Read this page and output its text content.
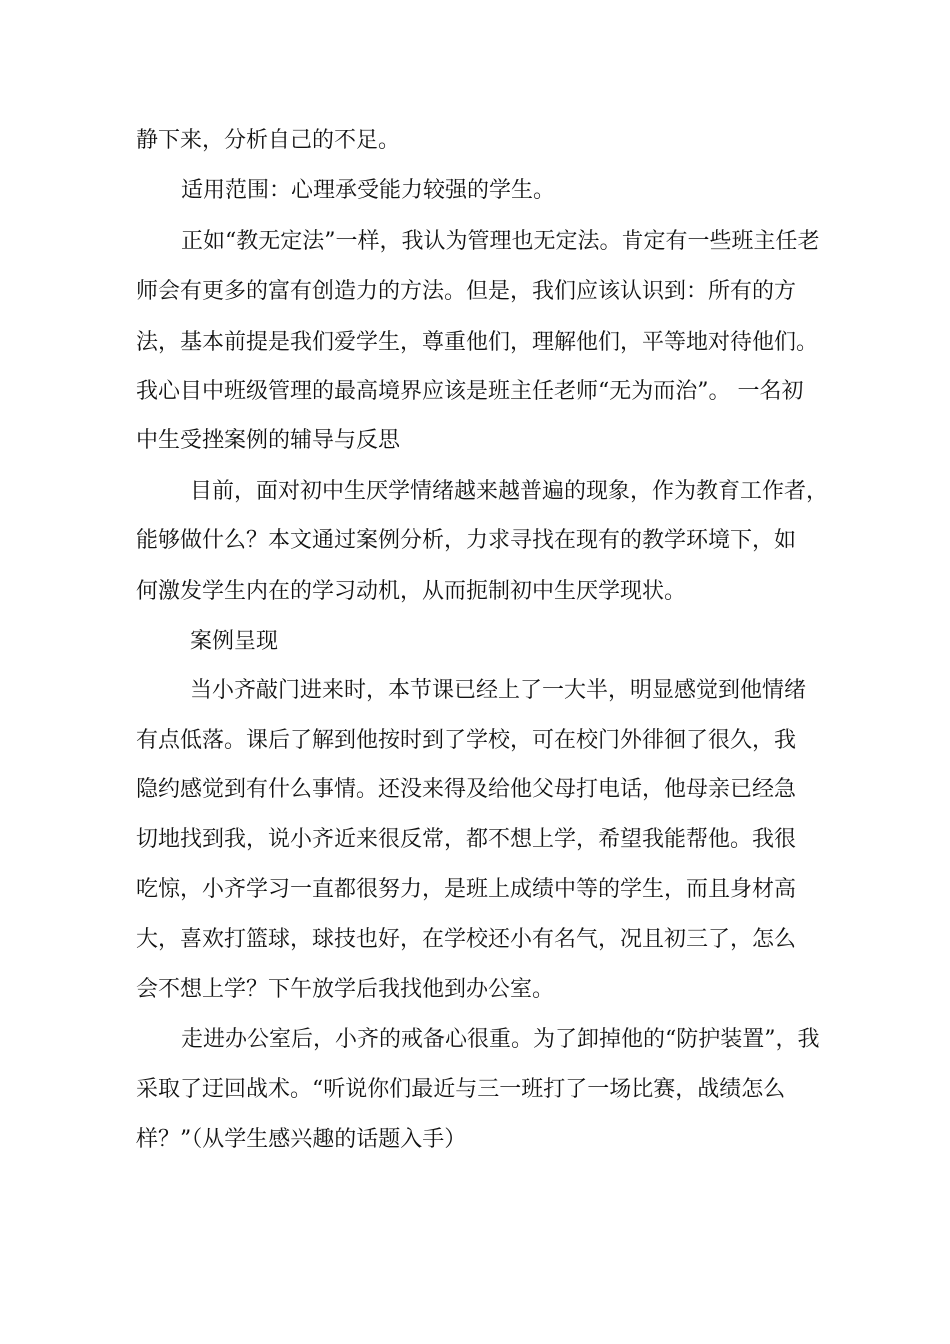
静下来，分析自己的不足。
适用范围：心理承受能力较强的学生。
正如“教无定法”一样，我认为管理也无定法。肯定有一些班主任老
师会有更多的富有创造力的方法。但是，我们应该认识到：所有的方
法，基本前提是我们爱学生，尊重他们，理解他们，平等地对待他们。
我心目中班级管理的最高境界应该是班主任老师“无为而治”。 一名初
中生受挫案例的辅导与反思
目前，面对初中生厌学情绪越来越普遍的现象，作为教育工作者，
能够做什么？本文通过案例分析，力求寻找在现有的教学环境下，如
何激发学生内在的学习动机，从而扼制初中生厌学现状。
案例呈现
当小齐敲门进来时，本节课已经上了一大半，明显感觉到他情绪
有点低落。课后了解到他按时到了学校，可在校门外徘徊了很久，我
隐约感觉到有什么事情。还没来得及给他父母打电话，他母亲已经急
切地找到我，说小齐近来很反常，都不想上学，希望我能帮他。我很
吃惊，小齐学习一直都很努力，是班上成绩中等的学生，而且身材高
大，喜欢打篮球，球技也好，在学校还小有名气，况且初三了，怎么
会不想上学？下午放学后我找他到办公室。
走进办公室后，小齐的戒备心很重。为了卸掉他的“防护装置”，我
采取了迂回战术。“听说你们最近与三一班打了一场比赛，战绩怎么
样？”（从学生感兴趣的话题入手）
